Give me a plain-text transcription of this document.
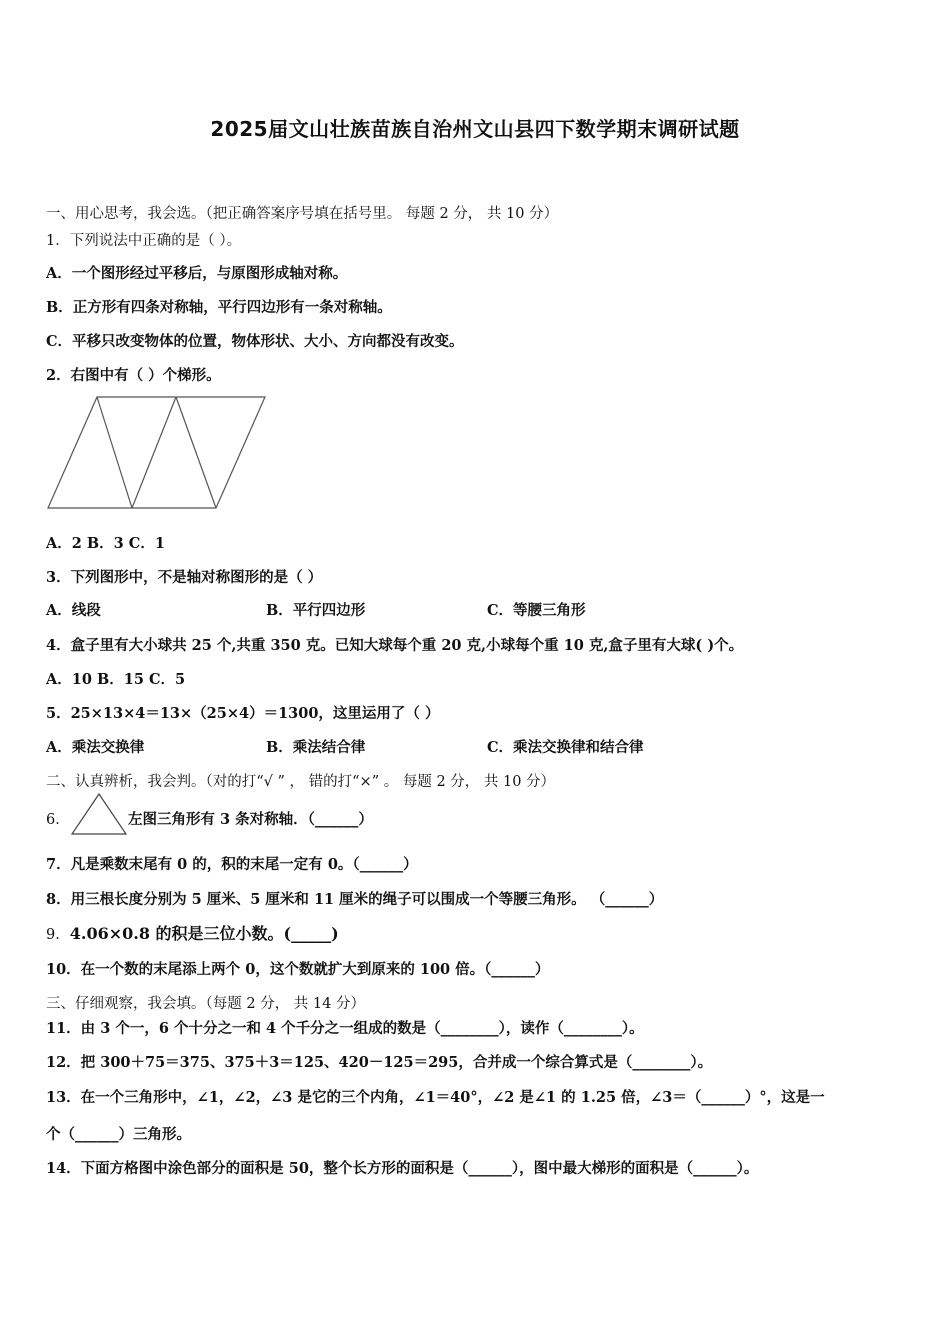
2025届文山壮族苗族自治州文山县四下数学期末调研试题
一、用心思考，我会选。（把正确答案序号填在括号里。 每题 2 分， 共 10 分）
1．下列说法中正确的是（ ）。
A．一个图形经过平移后，与原图形成轴对称。
B．正方形有四条对称轴，平行四边形有一条对称轴。
C．平移只改变物体的位置，物体形状、大小、方向都没有改变。
2．右图中有（ ）个梯形。
A．2 B．3 C．1
3．下列图形中，不是轴对称图形的是（ ）
A．线段	B．平行四边形	C．等腰三角形
4．盒子里有大小球共 25 个,共重 350 克。已知大球每个重 20 克,小球每个重 10 克,盒子里有大球( )个。
A．10 B．15 C．5
5．25×13×4＝13×（25×4）＝1300，这里运用了（ ）
A．乘法交换律	B．乘法结合律	C．乘法交换律和结合律
二、认真辨析，我会判。（对的打“√ ” ， 错的打“×” 。 每题 2 分， 共 10 分）
6．	左图三角形有 3 条对称轴．（______）
7．凡是乘数末尾有 0 的，积的末尾一定有 0。（______）
8．用三根长度分别为 5 厘米、5 厘米和 11 厘米的绳子可以围成一个等腰三角形。 （______）
9．4.06×0.8 的积是三位小数。(_____)
10．在一个数的末尾添上两个 0，这个数就扩大到原来的 100 倍。（______）
三、仔细观察，我会填。（每题 2 分， 共 14 分）
11．由 3 个一，6 个十分之一和 4 个千分之一组成的数是（________），读作（________）。
12．把 300＋75＝375、375＋3＝125、420－125＝295，合并成一个综合算式是（________）。
13．在一个三角形中，∠1，∠2，∠3 是它的三个内角，∠1＝40°，∠2 是∠1 的 1.25 倍，∠3＝（______）°，这是一
个（______）三角形。
14．下面方格图中涂色部分的面积是 50，整个长方形的面积是（______），图中最大梯形的面积是（______）。
